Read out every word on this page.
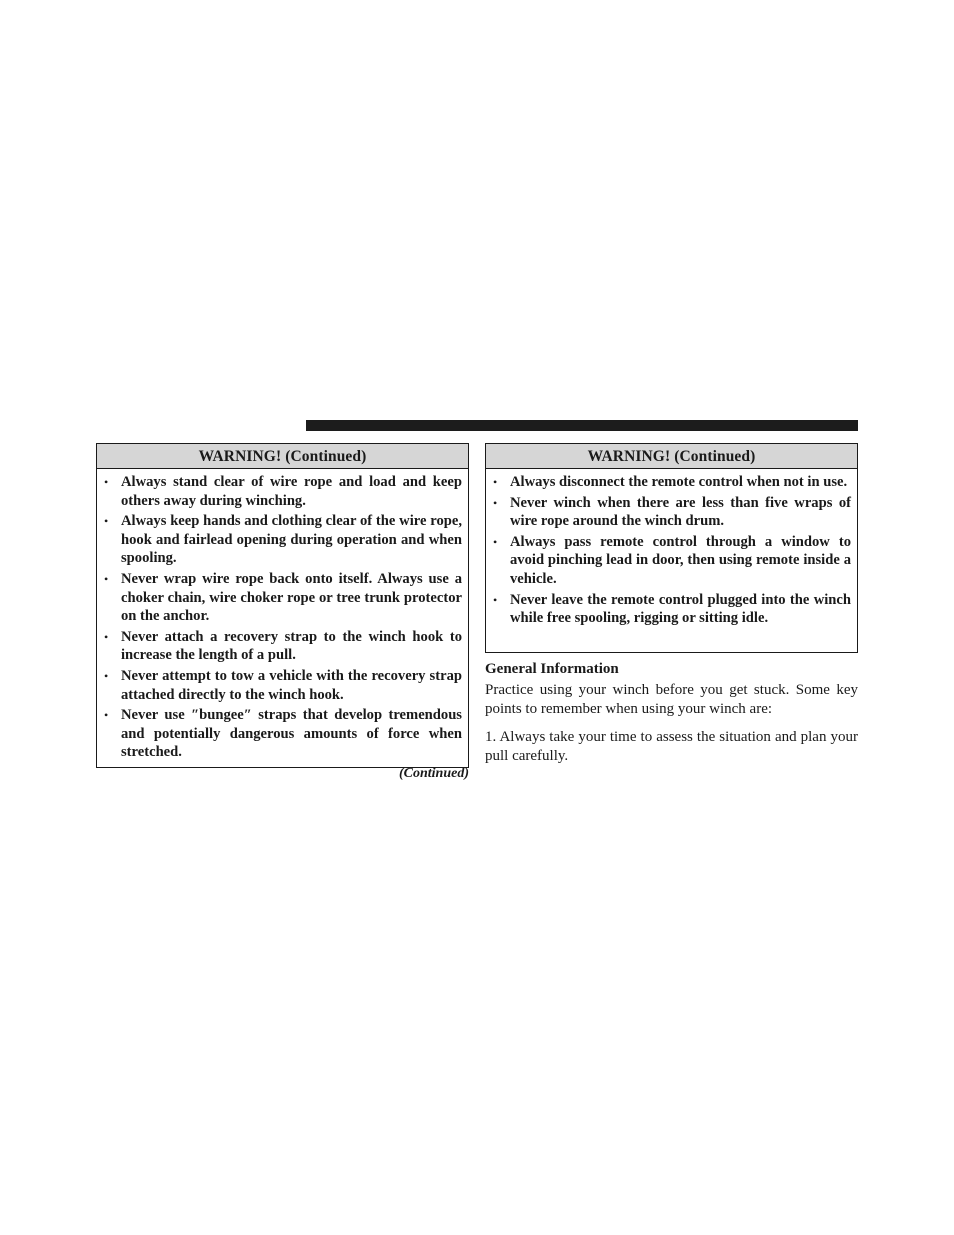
WARNING! (Continued)
• Always stand clear of wire rope and load and keep others away during winching.
• Always keep hands and clothing clear of the wire rope, hook and fairlead opening during operation and when spooling.
• Never wrap wire rope back onto itself. Always use a choker chain, wire choker rope or tree trunk protector on the anchor.
• Never attach a recovery strap to the winch hook to increase the length of a pull.
• Never attempt to tow a vehicle with the recovery strap attached directly to the winch hook.
• Never use ″bungee″ straps that develop tremendous and potentially dangerous amounts of force when stretched.
(Continued)
WARNING! (Continued)
• Always disconnect the remote control when not in use.
• Never winch when there are less than five wraps of wire rope around the winch drum.
• Always pass remote control through a window to avoid pinching lead in door, then using remote inside a vehicle.
• Never leave the remote control plugged into the winch while free spooling, rigging or sitting idle.
General Information
Practice using your winch before you get stuck. Some key points to remember when using your winch are:
1. Always take your time to assess the situation and plan your pull carefully.
